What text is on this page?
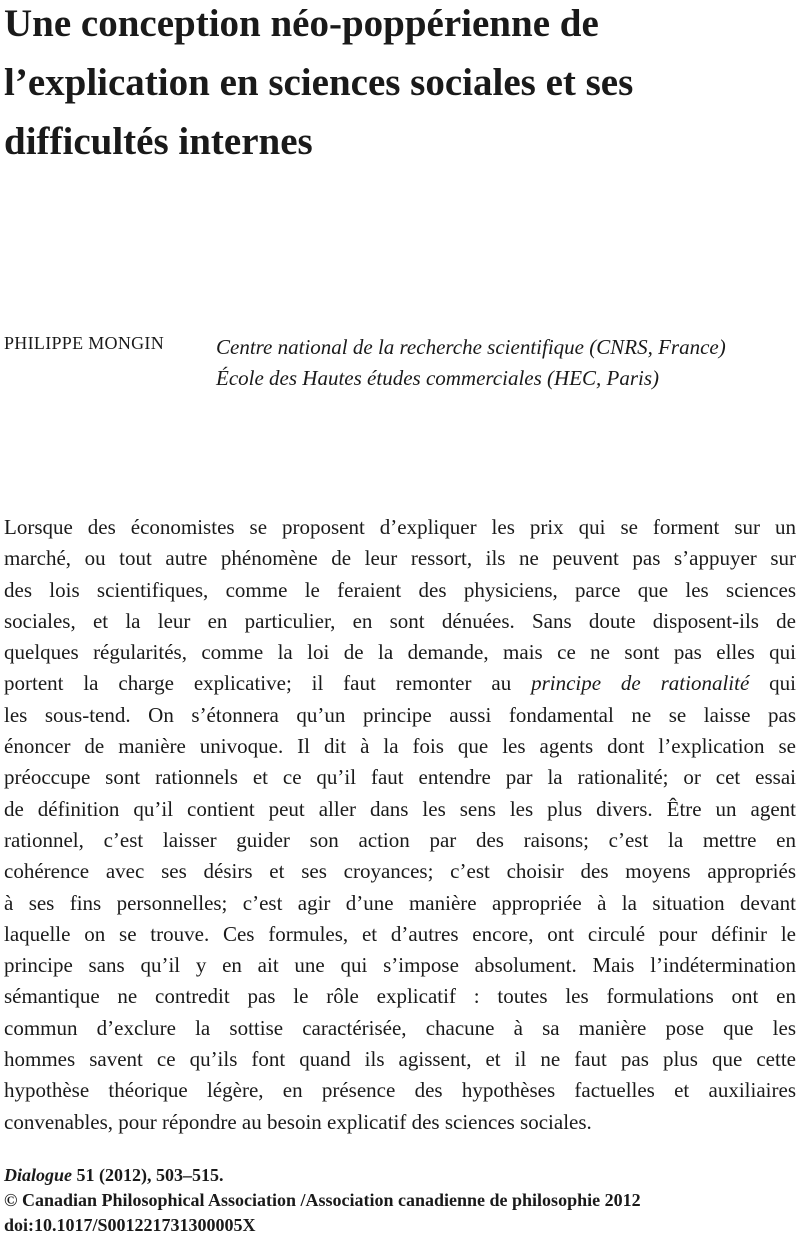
Une conception néo-poppérienne de
l’explication en sciences sociales et ses
difficultés internes
PHILIPPE MONGIN Centre national de la recherche scientifique (CNRS, France)
École des Hautes études commerciales (HEC, Paris)
Lorsque des économistes se proposent d’expliquer les prix qui se forment sur un
marché, ou tout autre phénomène de leur ressort, ils ne peuvent pas s’appuyer sur
des lois scientifiques, comme le feraient des physiciens, parce que les sciences
sociales, et la leur en particulier, en sont dénuées. Sans doute disposent-ils de
quelques régularités, comme la loi de la demande, mais ce ne sont pas elles qui
portent la charge explicative; il faut remonter au principe de rationalité qui
les sous-tend. On s’étonnera qu’un principe aussi fondamental ne se laisse pas
énoncer de manière univoque. Il dit à la fois que les agents dont l’explication se
préoccupe sont rationnels et ce qu’il faut entendre par la rationalité; or cet essai
de définition qu’il contient peut aller dans les sens les plus divers. Être un agent
rationnel, c’est laisser guider son action par des raisons; c’est la mettre en
cohérence avec ses désirs et ses croyances; c’est choisir des moyens appropriés
à ses fins personnelles; c’est agir d’une manière appropriée à la situation devant
laquelle on se trouve. Ces formules, et d’autres encore, ont circulé pour définir le
principe sans qu’il y en ait une qui s’impose absolument. Mais l’indétermination
sémantique ne contredit pas le rôle explicatif : toutes les formulations ont en
commun d’exclure la sottise caractérisée, chacune à sa manière pose que les
hommes savent ce qu’ils font quand ils agissent, et il ne faut pas plus que cette
hypothèse théorique légère, en présence des hypothèses factuelles et auxiliaires
convenables, pour répondre au besoin explicatif des sciences sociales.
Dialogue 51 (2012), 503–515.
© Canadian Philosophical Association /Association canadienne de philosophie 2012
doi:10.1017/S001221731300005X
